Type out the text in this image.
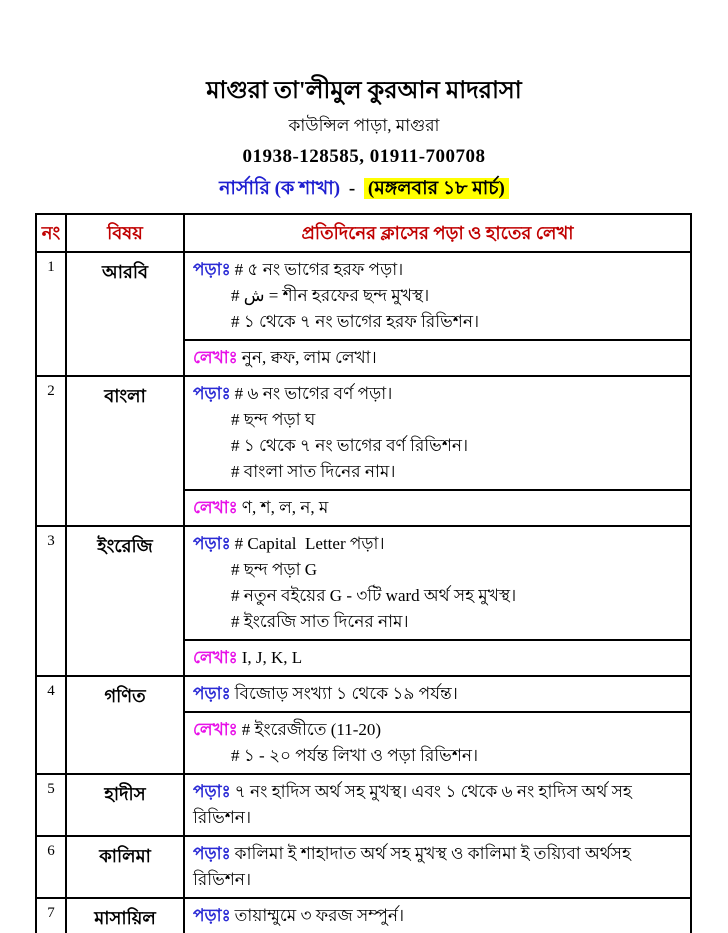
মাগুরা তা'লীমুল কুরআন মাদরাসা
কাউন্সিল পাড়া, মাগুরা
01938-128585, 01911-700708
নার্সারি (ক শাখা) - (মঙ্গলবার ১৮ মার্চ)
নং	বিষয়	প্রতিদিনের ক্লাসের পড়া ও হাতের লেখা
1	আরবি	পড়াঃ # ৫ নং ভাগের হরফ পড়া।
# ش = শীন হরফের ছন্দ মুখস্থ।
# ১ থেকে ৭ নং ভাগের হরফ রিভিশন।
লেখাঃ নুন, ক্বফ, লাম লেখা।

2	বাংলা	পড়াঃ # ৬ নং ভাগের বর্ণ পড়া।
# ছন্দ পড়া ঘ
# ১ থেকে ৭ নং ভাগের বর্ণ রিভিশন।
# বাংলা সাত দিনের নাম।
লেখাঃ ণ, শ, ল, ন, ম

3	ইংরেজি	পড়াঃ # Capital  Letter পড়া।
# ছন্দ পড়া G
# নতুন বইয়ের G - ৩টি ward অর্থ সহ মুখস্থ।
# ইংরেজি সাত দিনের নাম।
লেখাঃ I, J, K, L

4	গণিত	পড়াঃ বিজোড় সংখ্যা ১ থেকে ১৯ পর্যন্ত।
লেখাঃ # ইংরেজীতে (11-20)
# ১ - ২০ পর্যন্ত লিখা ও পড়া রিভিশন।

5	হাদীস	পড়াঃ ৭ নং হাদিস অর্থ সহ মুখস্থ। এবং ১ থেকে ৬ নং হাদিস অর্থ সহ  রিভিশন।

6	কালিমা	পড়াঃ কালিমা ই শাহাদাত অর্থ সহ মুখস্থ ও কালিমা ই তয়্যিবা অর্থসহ রিভিশন।

7	মাসায়িল	পড়াঃ তায়াম্মুমে ৩ ফরজ সম্পুর্ন।
